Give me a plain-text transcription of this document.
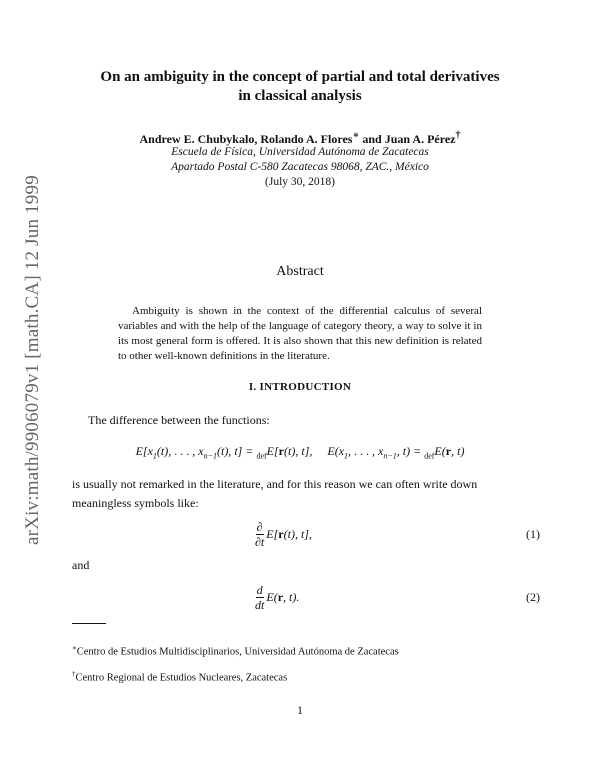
arXiv:math/9906079v1 [math.CA] 12 Jun 1999
On an ambiguity in the concept of partial and total derivatives
in classical analysis
Andrew E. Chubykalo, Rolando A. Flores∗ and Juan A. Pérez†
Escuela de Física, Universidad Autónoma de Zacatecas
Apartado Postal C-580 Zacatecas 98068, ZAC., México
(July 30, 2018)
Abstract
Ambiguity is shown in the context of the differential calculus of several variables and with the help of the language of category theory, a way to solve it in its most general form is offered. It is also shown that this new definition is related to other well-known definitions in the literature.
I. INTRODUCTION
The difference between the functions:
$E[x_1(t)$, . . . , $x_{n-1}(t)$, t] = $_{def}$E[r(t), t],     $E(x_1$, . . . , $x_{n-1}$, t) = $_{def}$E(r, t)
is usually not remarked in the literature, and for this reason we can often write down meaningless symbols like:
$\frac{\partial}{\partial t} E[r(t)$, t],	(1)
and
$\frac{d}{dt} E(r$, t).	(2)
∗Centro de Estudios Multidisciplinarios, Universidad Autónoma de Zacatecas
†Centro Regional de Estudios Nucleares, Zacatecas
1
